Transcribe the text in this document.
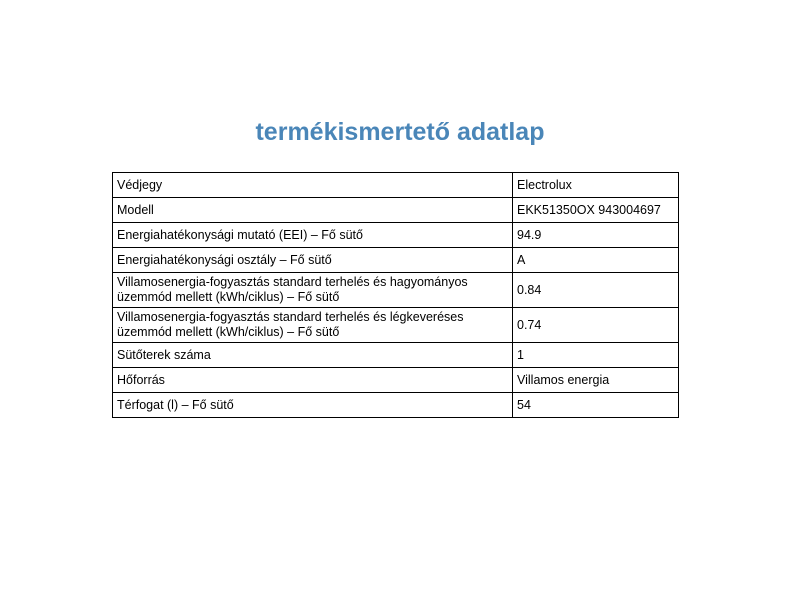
termékismertető adatlap
Védjegy	Electrolux
Modell	EKK51350OX 943004697
Energiahatékonysági mutató (EEI) – Fő sütő	94.9
Energiahatékonysági osztály – Fő sütő	A
Villamosenergia-fogyasztás standard terhelés és hagyományos üzemmód mellett (kWh/ciklus) – Fő sütő	0.84
Villamosenergia-fogyasztás standard terhelés és légkeveréses üzemmód mellett (kWh/ciklus) – Fő sütő	0.74
Sütőterek száma	1
Hőforrás	Villamos energia
Térfogat (l) – Fő sütő	54
